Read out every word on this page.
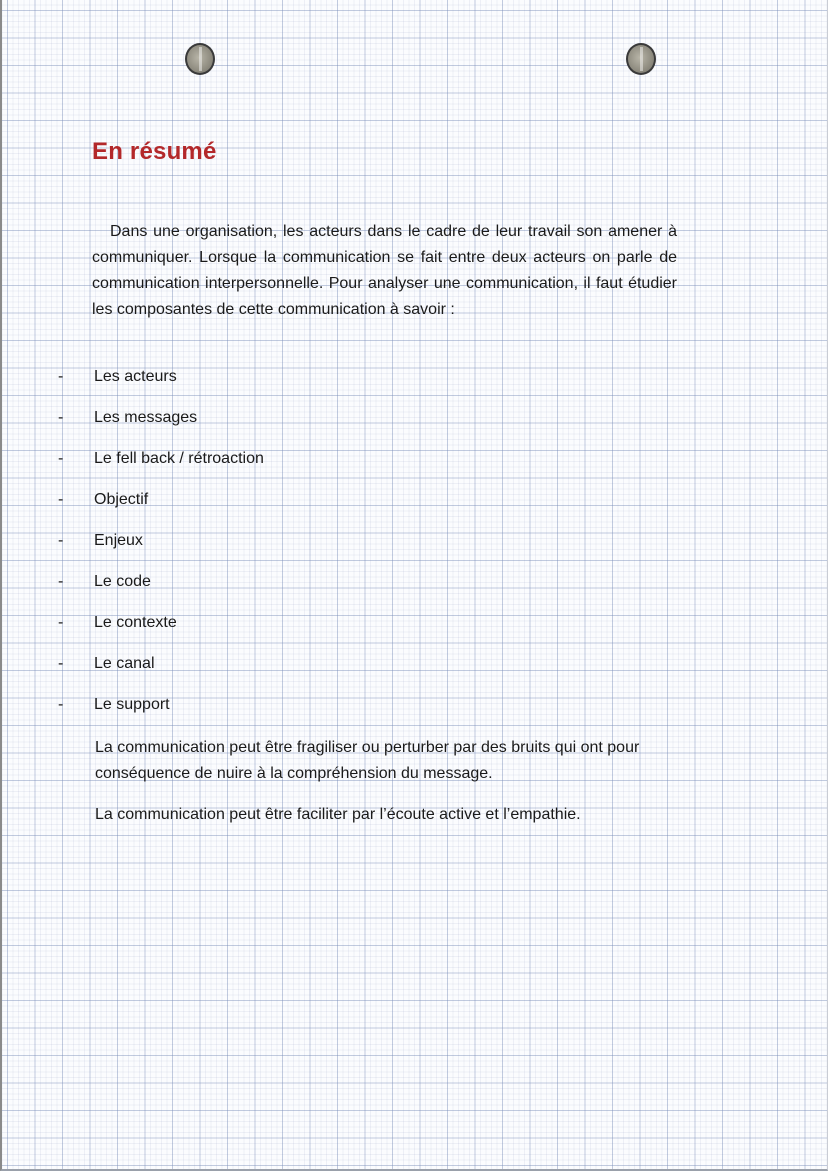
En résumé

Dans une organisation, les acteurs dans le cadre de leur travail son amener à communiquer. Lorsque la communication se fait entre deux acteurs on parle de communication interpersonnelle. Pour analyser une communication, il faut étudier les composantes de cette communication à savoir :

- Les acteurs
- Les messages
- Le fell back / rétroaction
- Objectif
- Enjeux
- Le code
- Le contexte
- Le canal
- Le support

La communication peut être fragiliser ou perturber par des bruits qui ont pour conséquence de nuire à la compréhension du message.

La communication peut être faciliter par l’écoute active et l’empathie.
